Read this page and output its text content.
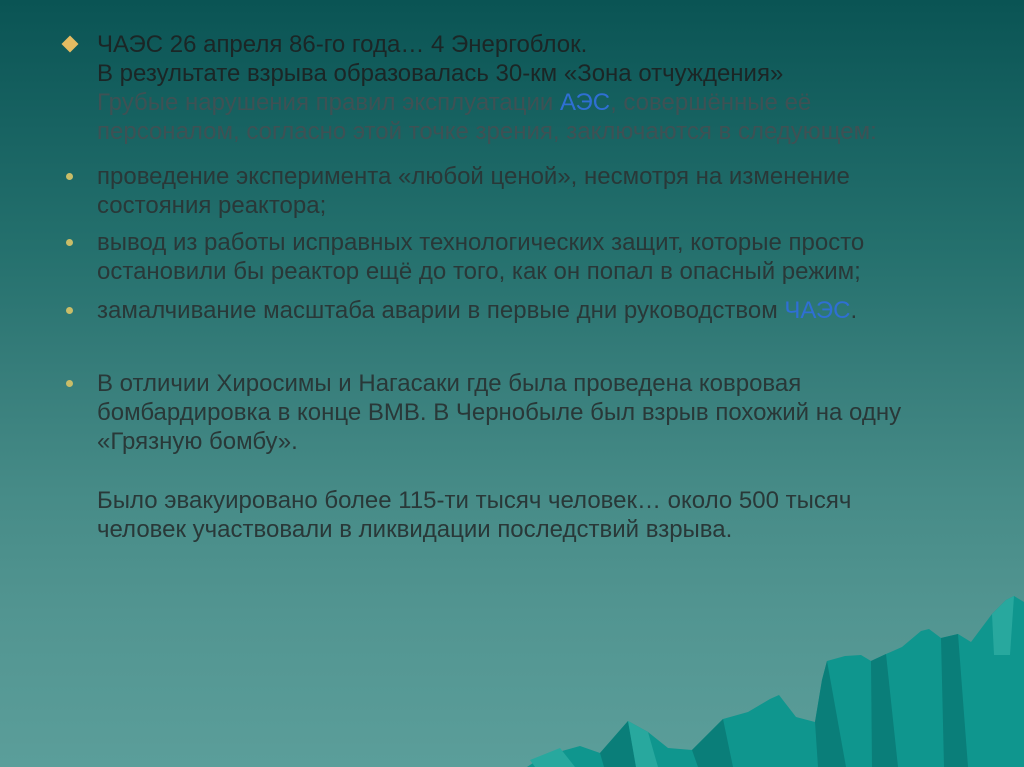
ЧАЭС 26 апреля 86-го года… 4 Энергоблок.
В результате взрыва образовалась 30-км «Зона отчуждения»
Грубые нарушения правил эксплуатации АЭС, совершённые её
персоналом, согласно этой точке зрения, заключаются в следующем:
проведение эксперимента «любой ценой», несмотря на изменение
состояния реактора;
вывод из работы исправных технологических защит, которые просто
остановили бы реактор ещё до того, как он попал в опасный режим;
замалчивание масштаба аварии в первые дни руководством ЧАЭС.
В отличии Хиросимы и Нагасаки где была проведена ковровая
бомбардировка в конце ВМВ. В Чернобыле был взрыв похожий на одну
«Грязную бомбу».
Было эвакуировано более 115-ти тысяч человек… около 500 тысяч
человек участвовали в ликвидации последствий взрыва.
